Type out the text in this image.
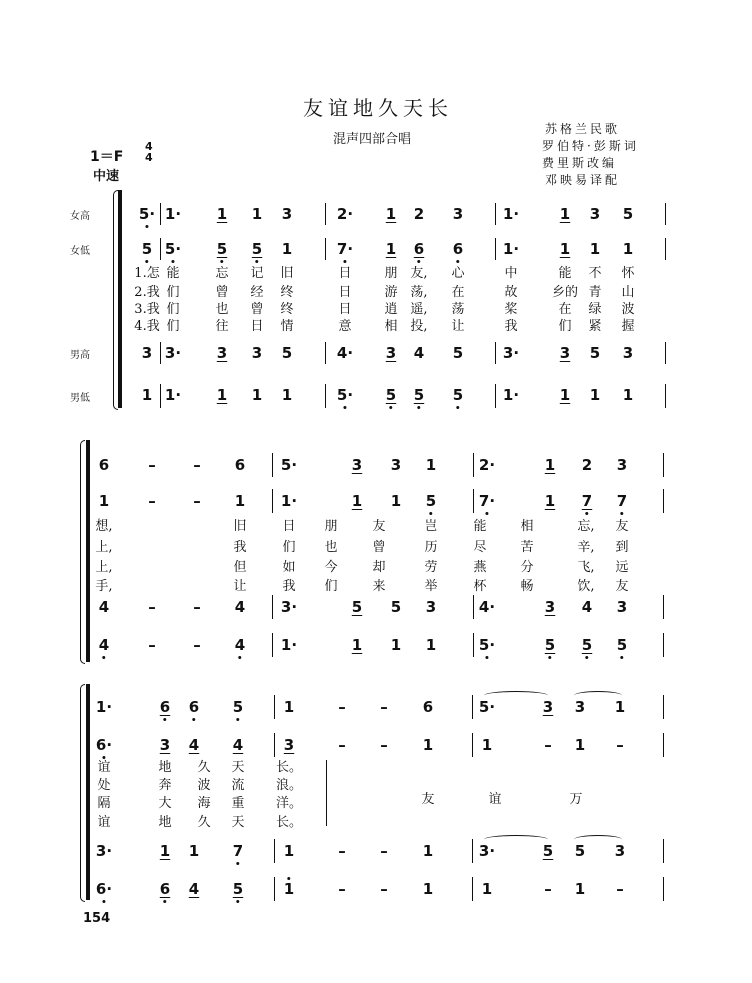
友谊地久天长
混声四部合唱
苏格兰民歌
罗伯特·彭斯词
费里斯改编
邓映易译配
1＝F
4
4
中速
女高
女低
男高
男低
5· 1· 1 1 3	2· 1 2 3	1·	1 3 5
5 5· 5 5 1	7· 1 6 6	1·	1 1 1
3 3· 3 3 5	4· 3 4 5	3·	3 5 3
1 1· 1 1 1	5· 5 5 5	1·	1 1 1
1.怎 能	忘 记 旧	日	朋 友, 心	中	能 不 怀
2.我 们	曾 经 终	日	游 荡, 在	故	乡的 青 山
3.我 们	也 曾 终	日	逍 遥, 荡	桨	在 绿 波
4.我 们	往 日 情	意	相 投, 让	我	们 紧 握
6	–	– 6 5·	3 3 1	2·	1 2 3
1	–	– 1 1·	1 1 5	7·	1 7 7
4	–	– 4 3·	5 5 3	4·	3 4 3
4	–	– 4 1·	1 1 1	5·	5 5 5
想,	旧	日 朋	友	岂	能	相	忘, 友
上,	我	们 也	曾	历	尽	苦	辛, 到
上,	但	如 今	却	劳	燕	分	飞, 远
手,	让	我 们	来	举	杯	畅	饮, 友
1·	6 6 5	1	– – 6	5·	3 3 1
6·	3 4 4	3	– – 1	1	– 1 –
3·	1 1 7	1	– – 1	3·	5 5 3
6·	6 4 5	1	– – 1	1	– 1 –
谊	地 久 天 长。
处	奔 波 流 浪。
隔	大 海 重 洋。
谊	地 久 天 长。
友	谊	万
154
